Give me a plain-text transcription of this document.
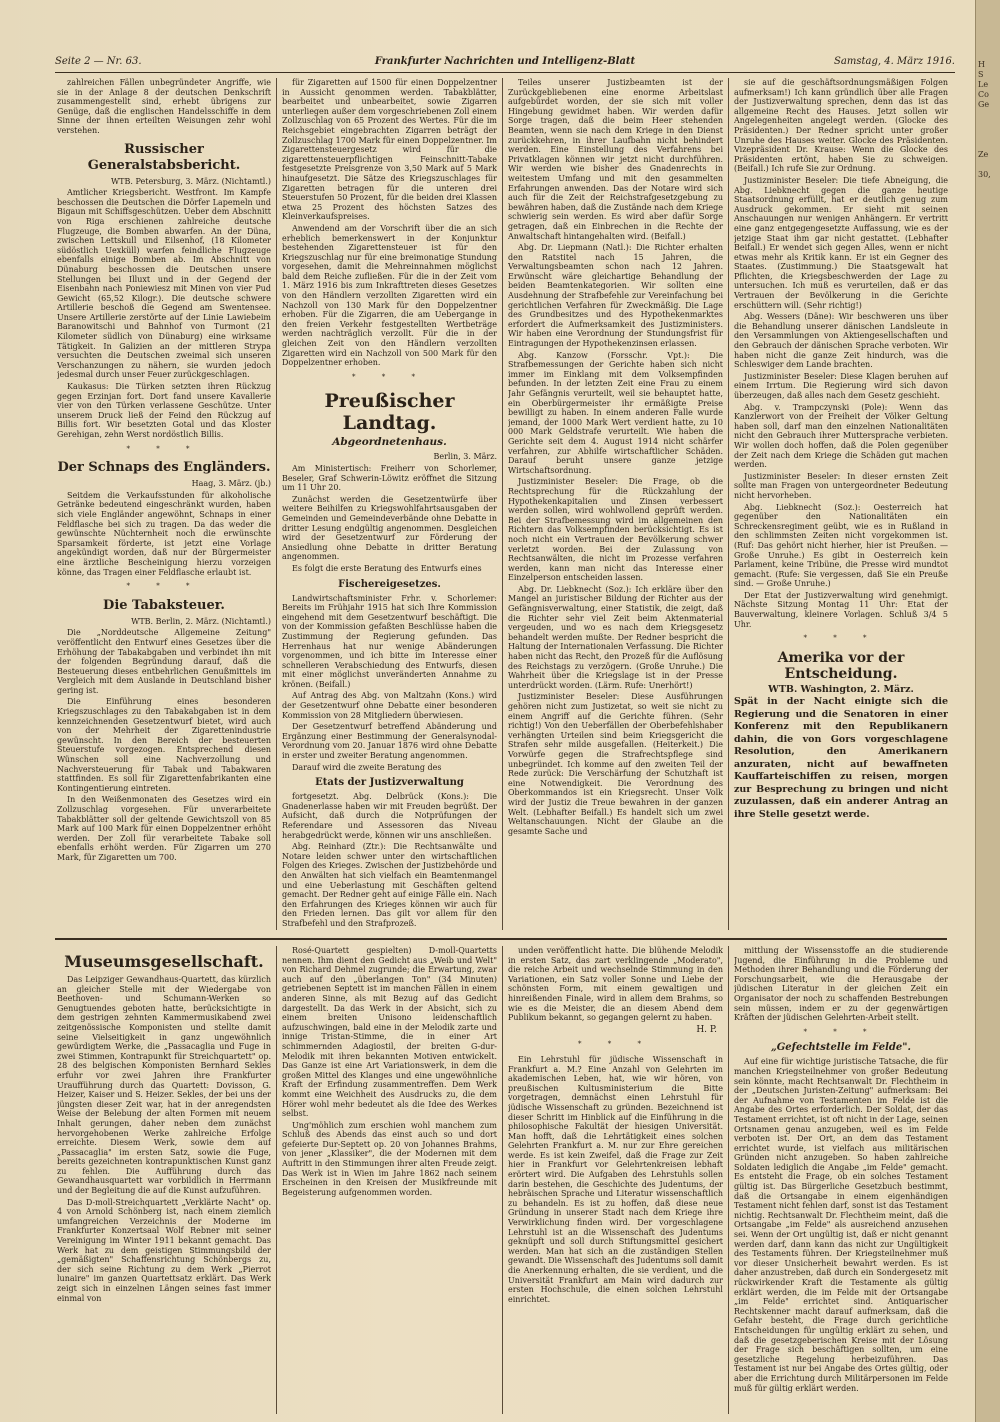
H
S
Le
Co
Ge

Ze

30,

Seite 2 — Nr. 63.	Frankfurter Nachrichten und Intelligenz-Blatt	Samstag, 4. März 1916.

zahlreichen Fällen unbegründeter Angriffe, wie sie in der Anlage 8 der deutschen Denkschrift zusammengestellt sind, erhebt übrigens zur Genüge, daß die englischen Handelsschiffe in dem Sinne der ihnen erteilten Weisungen zehr wohl verstehen.

Russischer Generalstabsbericht.
WTB. Petersburg, 3. März. (Nichtamtl.)

Amtlicher Kriegsbericht. Westfront. Im Kampfe beschossen die Deutschen die Dörfer Lapemeln und Bigaun mit Schiffsgeschützen. Ueber dem Abschnitt von Riga erschienen zahlreiche deutsche Flugzeuge, die Bomben abwarfen. An der Düna, zwischen Lettskull und Eilsenhof, (18 Kilometer südöstlich Uexküll) warfen feindliche Flugzeuge ebenfalls einige Bomben ab. Im Abschnitt von Dünaburg beschossen die Deutschen unsere Stellungen bei Illuxt und in der Gegend der Eisenbahn nach Poniewiesz mit Minen von vier Pud Gewicht (65,52 Kilogr.). Die deutsche schwere Artillerie beschoß die Gegend am Swentensee. Unsere Artillerie zerstörte auf der Linie Lawiebeim Baranowitschi und Bahnhof von Turmont (21 Kilometer südlich von Dünaburg) eine wirksame Tätigkeit. In Galizien an der mittleren Strypa versuchten die Deutschen zweimal sich unseren Verschanzungen zu nähern, sie wurden jedoch jedesmal durch unser Feuer zurückgeschlagen.

Kaukasus: Die Türken setzten ihren Rückzug gegen Erzinjan fort. Dort fand unsere Kavallerie vier von den Türken verlassene Geschütze. Unter unserem Druck ließ der Feind den Rückzug auf Billis fort. Wir besetzten Gotal und das Kloster Gerehigan, zehn Werst nordöstlich Billis.

* * *
Der Schnaps des Engländers.
Haag, 3. März. (jb.)

Seitdem die Verkaufsstunden für alkoholische Getränke bedeutend eingeschränkt wurden, haben sich viele Engländer angewöhnt, Schnaps in einer Feldflasche bei sich zu tragen. Da das weder die gewünschte Nüchternheit noch die erwünschte Sparsamkeit förderte, ist jetzt eine Vorlage angekündigt worden, daß nur der Bürgermeister eine ärztliche Bescheinigung hierzu vorzeigen könne, das Tragen einer Feldflasche erlaubt ist.

* * *
Die Tabaksteuer.
WTB. Berlin, 2. März. (Nichtamtl.)

Die „Norddeutsche Allgemeine Zeitung" veröffentlicht den Entwurf eines Gesetzes über die Erhöhung der Tabakabgaben und verbindet ihn mit der folgenden Begründung darauf, daß die Besteuerung dieses entbehrlichen Genußmittels im Vergleich mit dem Auslande in Deutschland bisher gering ist.

Die Einführung eines besonderen Kriegszuschlages zu den Tabakabgaben ist in dem kennzeichnenden Gesetzentwurf bietet, wird auch von der Mehrheit der Zigarettenindustrie gewünscht. In den Bereich der besteuerten Steuerstufe vorgezogen. Entsprechend diesen Wünschen soll eine Nachverzollung und Nachversteuerung für Tabak und Tabakwaren stattfinden. Es soll für Zigarettenfabrikanten eine Kontingentierung eintreten.

In den Weißenmonaten des Gesetzes wird ein Zollzuschlag vorgesehen. Für unverarbeitete Tabakblätter soll der geltende Gewichtszoll von 85 Mark auf 100 Mark für einen Doppelzentner erhöht werden. Der Zoll für verarbeitete Tabake soll ebenfalls erhöht werden. Für Zigarren um 270 Mark, für Zigaretten um 700.

für Zigaretten auf 1500 für einen Doppelzentner in Aussicht genommen werden. Tabakblätter, bearbeitet und unbearbeitet, sowie Zigarren unterliegen außer dem vorgeschriebenen Zoll einem Zollzuschlag von 65 Prozent des Wertes. Für die im Reichsgebiet eingebrachten Zigarren beträgt der Zollzuschlag 1700 Mark für einen Doppelzentner. Im Zigarettensteuergesetz wird für die zigarettensteuerpflichtigen Feinschnitt-Tabake festgesetzte Preisgrenze von 3,50 Mark auf 5 Mark hinaufgesetzt. Die Sätze des Kriegszuschlages für Zigaretten betragen für die unteren drei Steuerstufen 50 Prozent, für die beiden drei Klassen etwa 25 Prozent des höchsten Satzes des Kleinverkaufspreises.

Anwendend am der Vorschrift über die an sich erheblich bemerkenswert in der Konjunktur bestehenden Zigarettensteuer ist für den Kriegszuschlag nur für eine breimonatige Stundung vorgesehen, damit die Mehreinnahmen möglichst bald dem Reiche zufließen. Für die in der Zeit vom 1. März 1916 bis zum Inkrafttreten dieses Gesetzes von den Händlern verzollten Zigaretten wird ein Nachzoll von 130 Mark für den Doppelzentner erhoben. Für die Zigarren, die am Uebergange in den freien Verkehr festgestellten Wertbeträge werden nachträglich verzollt. Für die in der gleichen Zeit von den Händlern verzollten Zigaretten wird ein Nachzoll von 500 Mark für den Doppelzentner erhoben.

* * *
Preußischer Landtag.
Abgeordnetenhaus.
Berlin, 3. März.

Am Ministertisch: Freiherr von Schorlemer, Beseler, Graf Schwerin-Löwitz eröffnet die Sitzung um 11 Uhr 20.

Zunächst werden die Gesetzentwürfe über weitere Beihilfen zu Kriegswohlfahrtsausgaben der Gemeinden und Gemeindeverbände ohne Debatte in dritter Lesung endgültig angenommen. Desgleichen wird der Gesetzentwurf zur Förderung der Ansiedlung ohne Debatte in dritter Beratung angenommen.

Es folgt die erste Beratung des Entwurfs eines

Fischereigesetzes.

Landwirtschaftsminister Frhr. v. Schorlemer: Bereits im Frühjahr 1915 hat sich Ihre Kommission eingehend mit dem Gesetzentwurf beschäftigt. Die von der Kommission gefaßten Beschlüsse haben die Zustimmung der Regierung gefunden. Das Herrenhaus hat nur wenige Abänderungen vorgenommen, und ich bitte im Interesse einer schnelleren Verabschiedung des Entwurfs, diesen mit einer möglichst unveränderten Annahme zu krönen. (Beifall.)

Auf Antrag des Abg. von Maltzahn (Kons.) wird der Gesetzentwurf ohne Debatte einer besonderen Kommission von 28 Mitgliedern überwiesen.

Der Gesetzentwurf betreffend Abänderung und Ergänzung einer Bestimmung der Generalsynodal-Verordnung vom 20. Januar 1876 wird ohne Debatte in erster und zweiter Beratung angenommen.

Darauf wird die zweite Beratung des

Etats der Justizverwaltung

fortgesetzt. Abg. Delbrück (Kons.): Die Gnadenerlasse haben wir mit Freuden begrüßt. Der Aufsicht, daß durch die Notprüfungen der Referendare und Assessoren das Niveau herabgedrückt werde, können wir uns anschließen.

Abg. Reinhard (Ztr.): Die Rechtsanwälte und Notare leiden schwer unter den wirtschaftlichen Folgen des Krieges. Zwischen der Justizbehörde und den Anwälten hat sich vielfach ein Beamtenmangel und eine Ueberlastung mit Geschäften geltend gemacht. Der Redner geht auf einige Fälle ein. Nach den Erfahrungen des Krieges können wir auch für den Frieden lernen. Das gilt vor allem für den Strafbefehl und den Strafprozeß.

Teiles unserer Justizbeamten ist der Zurückgebliebenen eine enorme Arbeitslast aufgebürdet worden, der sie sich mit voller Hingebung gewidmet haben. Wir werden dafür Sorge tragen, daß die beim Heer stehenden Beamten, wenn sie nach dem Kriege in den Dienst zurückkehren, in ihrer Laufbahn nicht behindert werden. Eine Einstellung des Verfahrens bei Privatklagen können wir jetzt nicht durchführen. Wir werden wie bisher des Gnadenrechts in weitestem Umfang und mit den gesammelten Erfahrungen anwenden. Das der Notare wird sich auch für die Zeit der Reichstrafgesetzgebung zu bewähren haben, daß die Zustände nach dem Kriege schwierig sein werden. Es wird aber dafür Sorge getragen, daß ein Einbrechen in die Rechte der Anwaltschaft hintangehalten wird. (Beifall.)

Abg. Dr. Liepmann (Natl.): Die Richter erhalten den Ratstitel nach 15 Jahren, die Verwaltungsbeamten schon nach 12 Jahren. Erwünscht wäre gleichartige Behandlung der beiden Beamtenkategorien. Wir sollten eine Ausdehnung der Strafbefehle zur Vereinfachung bei gerichtlichen Verfahren für Zweckmäßig. Die Lage des Grundbesitzes und des Hypothekenmarktes erfordert die Aufmerksamkeit des Justizministers. Wir haben eine Verordnung der Stundungsfrist für Eintragungen der Hypothekenzinsen erlassen.

Abg. Kanzow (Forsschr. Vpt.): Die Strafbemessungen der Gerichte haben sich nicht immer im Einklang mit dem Volksempfinden befunden. In der letzten Zeit eine Frau zu einem Jahr Gefängnis verurteilt, weil sie behauptet hatte, ein Oberbürgermeister ihr ermäßigte Preise bewilligt zu haben. In einem anderen Falle wurde jemand, der 1000 Mark Wert verdient hatte, zu 10 000 Mark Geldstrafe verurteilt. Wie haben die Gerichte seit dem 4. August 1914 nicht schärfer verfahren, zur Abhilfe wirtschaftlicher Schäden. Darauf beruht unsere ganze jetzige Wirtschaftsordnung.

Justizminister Beseler: Die Frage, ob die Rechtsprechung für die Rückzahlung der Hypothekenkapitalien und Zinsen verbessert werden sollen, wird wohlwollend geprüft werden. Bei der Strafbemessung wird im allgemeinen den Richtern das Volksempfinden berücksichtigt. Es ist noch nicht ein Vertrauen der Bevölkerung schwer verletzt worden. Bei der Zulassung von Rechtsanwälten, die nicht im Prozesse verfahren werden, kann man nicht das Interesse einer Einzelperson entscheiden lassen.

Abg. Dr. Liebknecht (Soz.): Ich erkläre über den Mangel an juristischer Bildung der Richter aus der Gefängnisverwaltung, einer Statistik, die zeigt, daß die Richter sehr viel Zeit beim Aktenmaterial vergeuden, und wo es nach dem Kriegsgesetz behandelt werden mußte. Der Redner bespricht die Haltung der Internationalen Verfassung. Die Richter haben nicht das Recht, den Prozeß für die Auflösung des Reichstags zu verzögern. (Große Unruhe.) Die Wahrheit über die Kriegslage ist in der Presse unterdrückt worden. (Lärm. Rufe: Unerhört!)

Justizminister Beseler: Diese Ausführungen gehören nicht zum Justizetat, so weit sie nicht zu einem Angriff auf die Gerichte führen. (Sehr richtig!) Von den Ueberfällen der Oberbefehlshaber verhängten Urteilen sind beim Kriegsgericht die Strafen sehr milde ausgefallen. (Heiterkeit.) Die Vorwürfe gegen die Strafrechtspflege sind unbegründet. Ich komme auf den zweiten Teil der Rede zurück: Die Verschärfung der Schutzhaft ist eine Notwendigkeit. Die Verordnung des Oberkommandos ist ein Kriegsrecht. Unser Volk wird der Justiz die Treue bewahren in der ganzen Welt. (Lebhafter Beifall.) Es handelt sich um zwei Weltanschauungen. Nicht der Glaube an die gesamte Sache und

sie auf die geschäftsordnungsmäßigen Folgen aufmerksam!) Ich kann gründlich über alle Fragen der Justizverwaltung sprechen, denn das ist das allgemeine Recht des Hauses. Jetzt sollen wir Angelegenheiten angelegt werden. (Glocke des Präsidenten.) Der Redner spricht unter großer Unruhe des Hauses weiter. Glocke des Präsidenten. Vizepräsident Dr. Krause: Wenn die Glocke des Präsidenten ertönt, haben Sie zu schweigen. (Beifall.) Ich rufe Sie zur Ordnung.

Justizminister Beseler: Die tiefe Abneigung, die Abg. Liebknecht gegen die ganze heutige Staatsordnung erfüllt, hat er deutlich genug zum Ausdruck gekommen. Er sieht mit seinen Anschauungen nur wenigen Anhängern. Er vertritt eine ganz entgegengesetzte Auffassung, wie es der jetzige Staat ihm gar nicht gestattet. (Lebhafter Beifall.) Er wendet sich gegen Alles, wenn er nicht etwas mehr als Kritik kann. Er ist ein Gegner des Staates. (Zustimmung.) Die Staatsgewalt hat Pflichten, die Kriegsbeschwerden der Lage zu untersuchen. Ich muß es verurteilen, daß er das Vertrauen der Bevölkerung in die Gerichte erschüttern will. (Sehr richtig!)

Abg. Wessers (Däne): Wir beschweren uns über die Behandlung unserer dänischen Landsleute in den Versammlungen von Aktiengesellschaften und den Gebrauch der dänischen Sprache verboten. Wir haben nicht die ganze Zeit hindurch, was die Schleswiger dem Lande brachten.

Justizminister Beseler: Diese Klagen beruhen auf einem Irrtum. Die Regierung wird sich davon überzeugen, daß alles nach dem Gesetz geschieht.

Abg. v. Trampczynski (Pole): Wenn das Kanzlerwort von der Freiheit der Völker Geltung haben soll, darf man den einzelnen Nationalitäten nicht den Gebrauch ihrer Muttersprache verbieten. Wir wollen doch hoffen, daß die Polen gegenüber der Zeit nach dem Kriege die Schäden gut machen werden.

Justizminister Beseler: In dieser ernsten Zeit sollte man Fragen von untergeordneter Bedeutung nicht hervorheben.

Abg. Liebknecht (Soz.): Oesterreich hat gegenüber den Nationalitäten ein Schreckensregiment geübt, wie es in Rußland in den schlimmsten Zeiten nicht vorgekommen ist. (Ruf: Das gehört nicht hierher, hier ist Preußen. — Große Unruhe.) Es gibt in Oesterreich kein Parlament, keine Tribüne, die Presse wird mundtot gemacht. (Rufe: Sie vergessen, daß Sie ein Preuße sind. — Große Unruhe.)

Der Etat der Justizverwaltung wird genehmigt. Nächste Sitzung Montag 11 Uhr: Etat der Bauverwaltung, kleinere Vorlagen. Schluß 3/4 5 Uhr.

* * *
Amerika vor der Entscheidung.
WTB. Washington, 2. März.
Spät in der Nacht einigte sich die Regierung und die Senatoren in einer Konferenz mit den Republikanern dahin, die von Gors vorgeschlagene Resolution, den Amerikanern anzuraten, nicht auf bewaffneten Kauffarteischiffen zu reisen, morgen zur Besprechung zu bringen und nicht zuzulassen, daß ein anderer Antrag an ihre Stelle gesetzt werde.
Museumsgesellschaft.

Das Leipziger Gewandhaus-Quartett, das kürzlich an gleicher Stelle mit der Wiedergabe von Beethoven- und Schumann-Werken so Genugtuendes geboten hatte, berücksichtigte in dem gestrigen zehnten Kammermusikabend zwei zeitgenössische Komponisten und stellte damit seine Vielseitigkeit in ganz ungewöhnlich gewürdigtem Werke, die „Passacaglia und Fuge in zwei Stimmen, Kontrapunkt für Streichquartett" op. 28 des belgischen Komponisten Bernhard Sekles erfuhr vor zwei Jahren ihre Frankfurter Uraufführung durch das Quartett: Dovisson, G. Heizer, Kaiser und S. Heizer. Sekles, der bei uns der jüngsten dieser Zeit war, hat in der anregendsten Weise der Belebung der alten Formen mit neuem Inhalt gerungen, daher neben dem zunächst hervorgehobenen Werke zahlreiche Erfolge erreichte. Diesem Werk, sowie dem auf „Passacaglia" im ersten Satz, sowie die Fuge, bereits gezeichneten kontrapunktischen Kunst ganz zu fehlen. Die Aufführung durch das Gewandhausquartett war vorbildlich in Herrmann und der Begleitung die auf die Kunst aufzuführen.

Das D-moll-Streichquartett „Verklärte Nacht" op. 4 von Arnold Schönberg ist, nach einem ziemlich umfangreichen Verzeichnis der Moderne im Frankfurter Konzertsaal Wolf Rebner mit seiner Vereinigung im Winter 1911 bekannt gemacht. Das Werk hat zu dem geistigen Stimmungsbild der „gemäßigten" Schaffensrichtung Schönbergs zu, der sich seine Richtung zu dem Werk „Pierrot lunaire" im ganzen Quartettsatz erklärt. Das Werk zeigt sich in einzelnen Längen seines fast immer einmal von

Rosé-Quartett gespielten) D-moll-Quartetts nennen. Ihm dient den Gedicht aus „Weib und Welt" von Richard Dehmel zugrunde; die Erwartung, zwar auch auf den „überlangen Ton" (34 Minuten) getriebenen Septett ist im manchen Fällen in einem anderen Sinne, als mit Bezug auf das Gedicht dargestellt. Da das Werk in der Absicht, sich zu einem breiten Unisono leidenschaftlich aufzuschwingen, bald eine in der Melodik zarte und innige Tristan-Stimme, die in einer Art schimmernden Adagiostil, der breiten G-dur-Melodik mit ihren bekannten Motiven entwickelt. Das Ganze ist eine Art Variationswerk, in dem die großen Mittel des Klanges und eine ungewöhnliche Kraft der Erfindung zusammentreffen. Dem Werk kommt eine Weichheit des Ausdrucks zu, die dem Hörer wohl mehr bedeutet als die Idee des Werkes selbst.

Ung'möhlich zum erschien wohl manchem zum Schluß des Abends das einst auch so und dort gefeierte Dur-Septett op. 20 von Johannes Brahms, von jener „Klassiker", die der Modernen mit dem Auftritt in den Stimmungen ihrer alten Freude zeigt. Das Werk ist in Wien im Jahre 1862 nach seinem Erscheinen in den Kreisen der Musikfreunde mit Begeisterung aufgenommen worden.

unden veröffentlicht hatte. Die blühende Melodik in ersten Satz, das zart verklingende „Moderato", die reiche Arbeit und wechselnde Stimmung in den Variationen, ein Satz voller Sonne und Liebe der schönsten Form, mit einem gewaltigen und hinreißenden Finale, wird in allem dem Brahms, so wie es die Meister, die an diesem Abend dem Publikum bekannt, so gegangen gelernt zu haben.

H. P.
* * *

Ein Lehrstuhl für jüdische Wissenschaft in Frankfurt a. M.? Eine Anzahl von Gelehrten im akademischen Leben, hat, wie wir hören, von preußischen Kultusministerium die Bitte vorgetragen, demnächst einen Lehrstuhl für jüdische Wissenschaft zu gründen. Bezeichnend ist dieser Schritt im Hinblick auf die Einführung in die philosophische Fakultät der hiesigen Universität. Man hofft, daß die Lehrtätigkeit eines solchen Gelehrten Frankfurt a. M. nur zur Ehre gereichen werde. Es ist kein Zweifel, daß die Frage zur Zeit hier in Frankfurt vor Gelehrtenkreisen lebhaft erörtert wird. Die Aufgaben des Lehrstuhls sollen darin bestehen, die Geschichte des Judentums, der hebräischen Sprache und Literatur wissenschaftlich zu behandeln. Es ist zu hoffen, daß diese neue Gründung in unserer Stadt nach dem Kriege ihre Verwirklichung finden wird. Der vorgeschlagene Lehrstuhl ist an die Wissenschaft des Judentums geknüpft und soll durch Stiftungsmittel gesichert werden. Man hat sich an die zuständigen Stellen gewandt. Die Wissenschaft des Judentums soll damit die Anerkennung erhalten, die sie verdient, und die Universität Frankfurt am Main wird dadurch zur ersten Hochschule, die einen solchen Lehrstuhl einrichtet.

mittlung der Wissensstoffe an die studierende Jugend, die Einführung in die Probleme und Methoden ihrer Behandlung und die Förderung der Forschungsarbeit, wie die Herausgabe der jüdischen Literatur in der gleichen Zeit ein Organisator der noch zu schaffenden Bestrebungen sein müssen, indem er zu der gegenwärtigen Kräften der jüdischen Gelehrten-Arbeit stellt.

* * *
„Gefechtstelle im Felde".

Auf eine für wichtige juristische Tatsache, die für manchen Kriegsteilnehmer von großer Bedeutung sein könnte, macht Rechtsanwalt Dr. Flechtheim in der „Deutschen Juristen-Zeitung" aufmerksam: Bei der Aufnahme von Testamenten im Felde ist die Angabe des Ortes erforderlich. Der Soldat, der das Testament errichtet, ist oft nicht in der Lage, seinen Ortsnamen genau anzugeben, weil es im Felde verboten ist. Der Ort, an dem das Testament errichtet wurde, ist vielfach aus militärischen Gründen nicht anzugeben. So haben zahlreiche Soldaten lediglich die Angabe „im Felde" gemacht. Es entsteht die Frage, ob ein solches Testament gültig ist. Das Bürgerliche Gesetzbuch bestimmt, daß die Ortsangabe in einem eigenhändigen Testament nicht fehlen darf, sonst ist das Testament nichtig. Rechtsanwalt Dr. Flechtheim meint, daß die Ortsangabe „im Felde" als ausreichend anzusehen sei. Wenn der Ort ungültig ist, daß er nicht genannt werden darf, dann kann das nicht zur Ungültigkeit des Testaments führen. Der Kriegsteilnehmer muß vor dieser Unsicherheit bewahrt werden. Es ist daher anzustreben, daß durch ein Sondergesetz mit rückwirkender Kraft die Testamente als gültig erklärt werden, die im Felde mit der Ortsangabe „im Felde" errichtet sind. Antiquarischer Rechtskenner macht darauf aufmerksam, daß die Gefahr besteht, die Frage durch gerichtliche Entscheidungen für ungültig erklärt zu sehen, und daß die gesetzgeberischen Kreise mit der Lösung der Frage sich beschäftigen sollten, um eine gesetzliche Regelung herbeizuführen. Das Testament ist nur bei Angabe des Ortes gültig, oder aber die Errichtung durch Militärpersonen im Felde muß für gültig erklärt werden.
